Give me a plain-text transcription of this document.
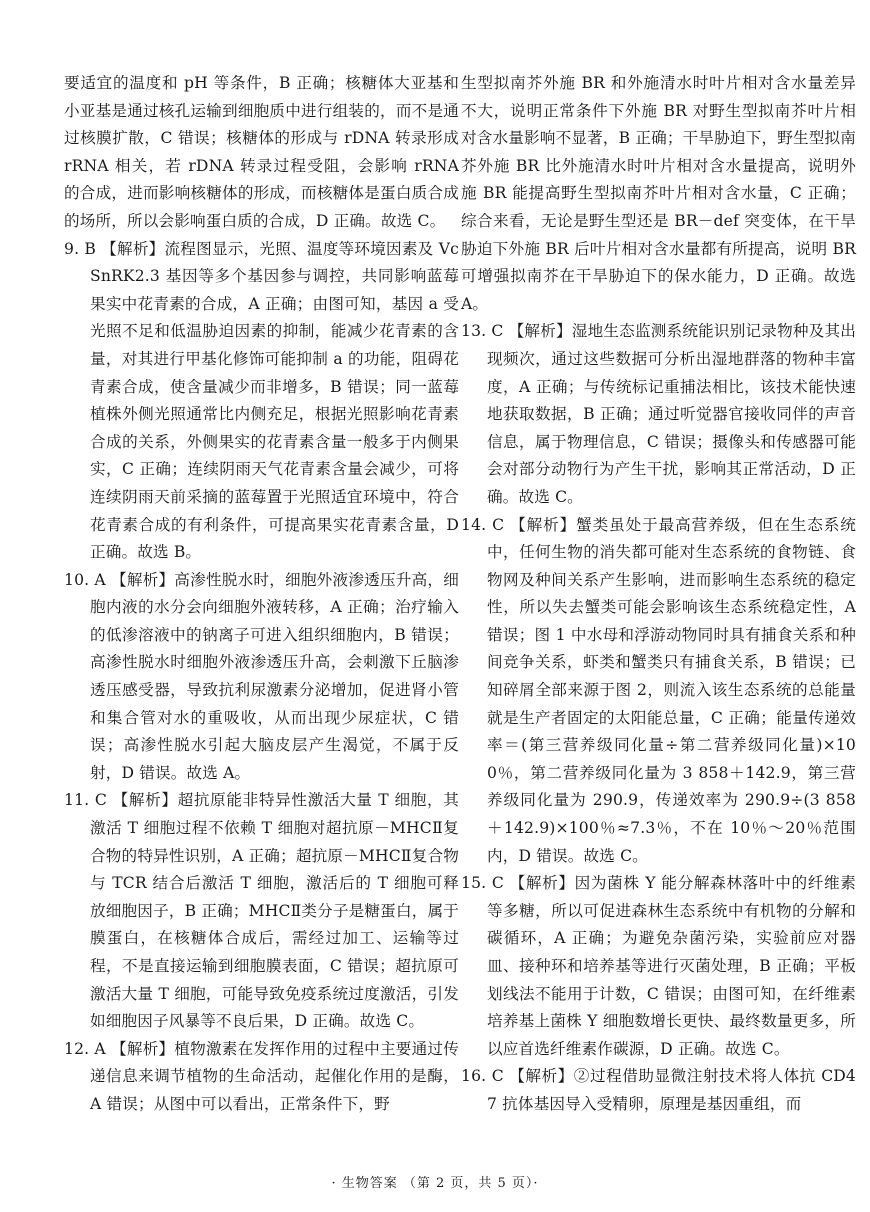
要适宜的温度和 pH 等条件，B 正确；核糖体大亚基和小亚基是通过核孔运输到细胞质中进行组装的，而不是通过核膜扩散，C 错误；核糖体的形成与 rDNA 转录形成 rRNA 相关，若 rDNA 转录过程受阻，会影响 rRNA 的合成，进而影响核糖体的形成，而核糖体是蛋白质合成的场所，所以会影响蛋白质的合成，D 正确。故选 C。

9. B 【解析】流程图显示，光照、温度等环境因素及 VcSnRK2.3 基因等多个基因参与调控，共同影响蓝莓果实中花青素的合成，A 正确；由图可知，基因 a 受光照不足和低温胁迫因素的抑制，能减少花青素的含量，对其进行甲基化修饰可能抑制 a 的功能，阻碍花青素合成，使含量减少而非增多，B 错误；同一蓝莓植株外侧光照通常比内侧充足，根据光照影响花青素合成的关系，外侧果实的花青素含量一般多于内侧果实，C 正确；连续阴雨天气花青素含量会减少，可将连续阴雨天前采摘的蓝莓置于光照适宜环境中，符合花青素合成的有利条件，可提高果实花青素含量，D 正确。故选 B。

10. A 【解析】高渗性脱水时，细胞外液渗透压升高，细胞内液的水分会向细胞外液转移，A 正确；治疗输入的低渗溶液中的钠离子可进入组织细胞内，B 错误；高渗性脱水时细胞外液渗透压升高，会刺激下丘脑渗透压感受器，导致抗利尿激素分泌增加，促进肾小管和集合管对水的重吸收，从而出现少尿症状，C 错误；高渗性脱水引起大脑皮层产生渴觉，不属于反射，D 错误。故选 A。

11. C 【解析】超抗原能非特异性激活大量 T 细胞，其激活 T 细胞过程不依赖 T 细胞对超抗原－MHCⅡ复合物的特异性识别，A 正确；超抗原－MHCⅡ复合物与 TCR 结合后激活 T 细胞，激活后的 T 细胞可释放细胞因子，B 正确；MHCⅡ类分子是糖蛋白，属于膜蛋白，在核糖体合成后，需经过加工、运输等过程，不是直接运输到细胞膜表面，C 错误；超抗原可激活大量 T 细胞，可能导致免疫系统过度激活，引发如细胞因子风暴等不良后果，D 正确。故选 C。

12. A 【解析】植物激素在发挥作用的过程中主要通过传递信息来调节植物的生命活动，起催化作用的是酶，A 错误；从图中可以看出，正常条件下，野

生型拟南芥外施 BR 和外施清水时叶片相对含水量差异不大，说明正常条件下外施 BR 对野生型拟南芥叶片相对含水量影响不显著，B 正确；干旱胁迫下，野生型拟南芥外施 BR 比外施清水时叶片相对含水量提高，说明外施 BR 能提高野生型拟南芥叶片相对含水量，C 正确；综合来看，无论是野生型还是 BR－def 突变体，在干旱胁迫下外施 BR 后叶片相对含水量都有所提高，说明 BR 可增强拟南芥在干旱胁迫下的保水能力，D 正确。故选 A。

13. C 【解析】湿地生态监测系统能识别记录物种及其出现频次，通过这些数据可分析出湿地群落的物种丰富度，A 正确；与传统标记重捕法相比，该技术能快速地获取数据，B 正确；通过听觉器官接收同伴的声音信息，属于物理信息，C 错误；摄像头和传感器可能会对部分动物行为产生干扰，影响其正常活动，D 正确。故选 C。

14. C 【解析】蟹类虽处于最高营养级，但在生态系统中，任何生物的消失都可能对生态系统的食物链、食物网及种间关系产生影响，进而影响生态系统的稳定性，所以失去蟹类可能会影响该生态系统稳定性，A 错误；图 1 中水母和浮游动物同时具有捕食关系和种间竞争关系，虾类和蟹类只有捕食关系，B 错误；已知碎屑全部来源于图 2，则流入该生态系统的总能量就是生产者固定的太阳能总量，C 正确；能量传递效率＝(第三营养级同化量÷第二营养级同化量)×100％，第二营养级同化量为 3 858＋142.9，第三营养级同化量为 290.9，传递效率为 290.9÷(3 858＋142.9)×100％≈7.3％，不在 10％～20％范围内，D 错误。故选 C。

15. C 【解析】因为菌株 Y 能分解森林落叶中的纤维素等多糖，所以可促进森林生态系统中有机物的分解和碳循环，A 正确；为避免杂菌污染，实验前应对器皿、接种环和培养基等进行灭菌处理，B 正确；平板划线法不能用于计数，C 错误；由图可知，在纤维素培养基上菌株 Y 细胞数增长更快、最终数量更多，所以应首选纤维素作碳源，D 正确。故选 C。

16. C 【解析】②过程借助显微注射技术将人体抗 CD47 抗体基因导入受精卵，原理是基因重组，而

· 生物答案 （第 2 页，共 5 页）·
